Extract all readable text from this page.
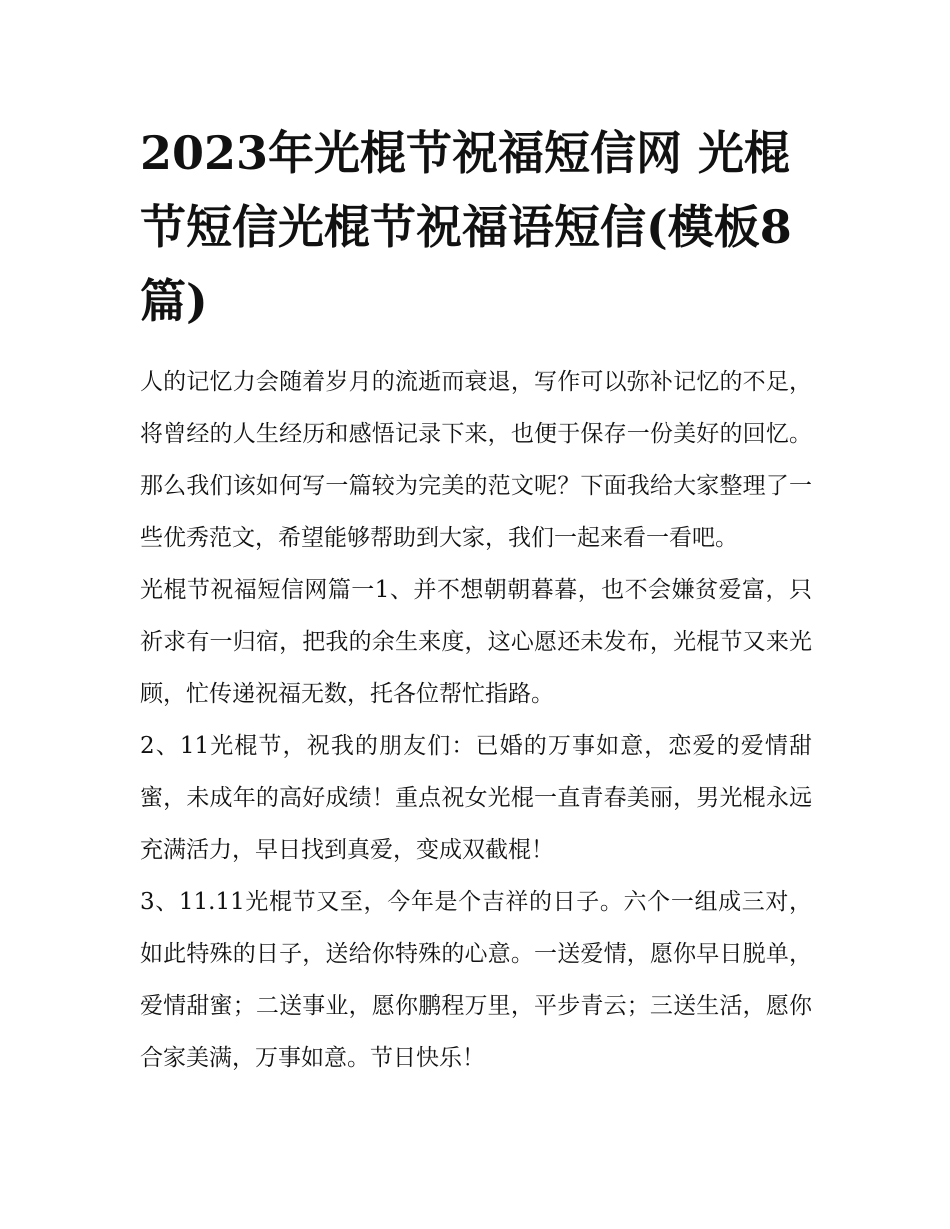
2023年光棍节祝福短信网 光棍节短信光棍节祝福语短信(模板8篇)

人的记忆力会随着岁月的流逝而衰退，写作可以弥补记忆的不足，将曾经的人生经历和感悟记录下来，也便于保存一份美好的回忆。那么我们该如何写一篇较为完美的范文呢？下面我给大家整理了一些优秀范文，希望能够帮助到大家，我们一起来看一看吧。

光棍节祝福短信网篇一1、并不想朝朝暮暮，也不会嫌贫爱富，只祈求有一归宿，把我的余生来度，这心愿还未发布，光棍节又来光顾，忙传递祝福无数，托各位帮忙指路。

2、11光棍节，祝我的朋友们：已婚的万事如意，恋爱的爱情甜蜜，未成年的高好成绩！重点祝女光棍一直青春美丽，男光棍永远充满活力，早日找到真爱，变成双截棍！

3、11.11光棍节又至，今年是个吉祥的日子。六个一组成三对，如此特殊的日子，送给你特殊的心意。一送爱情，愿你早日脱单，爱情甜蜜；二送事业，愿你鹏程万里，平步青云；三送生活，愿你合家美满，万事如意。节日快乐！
